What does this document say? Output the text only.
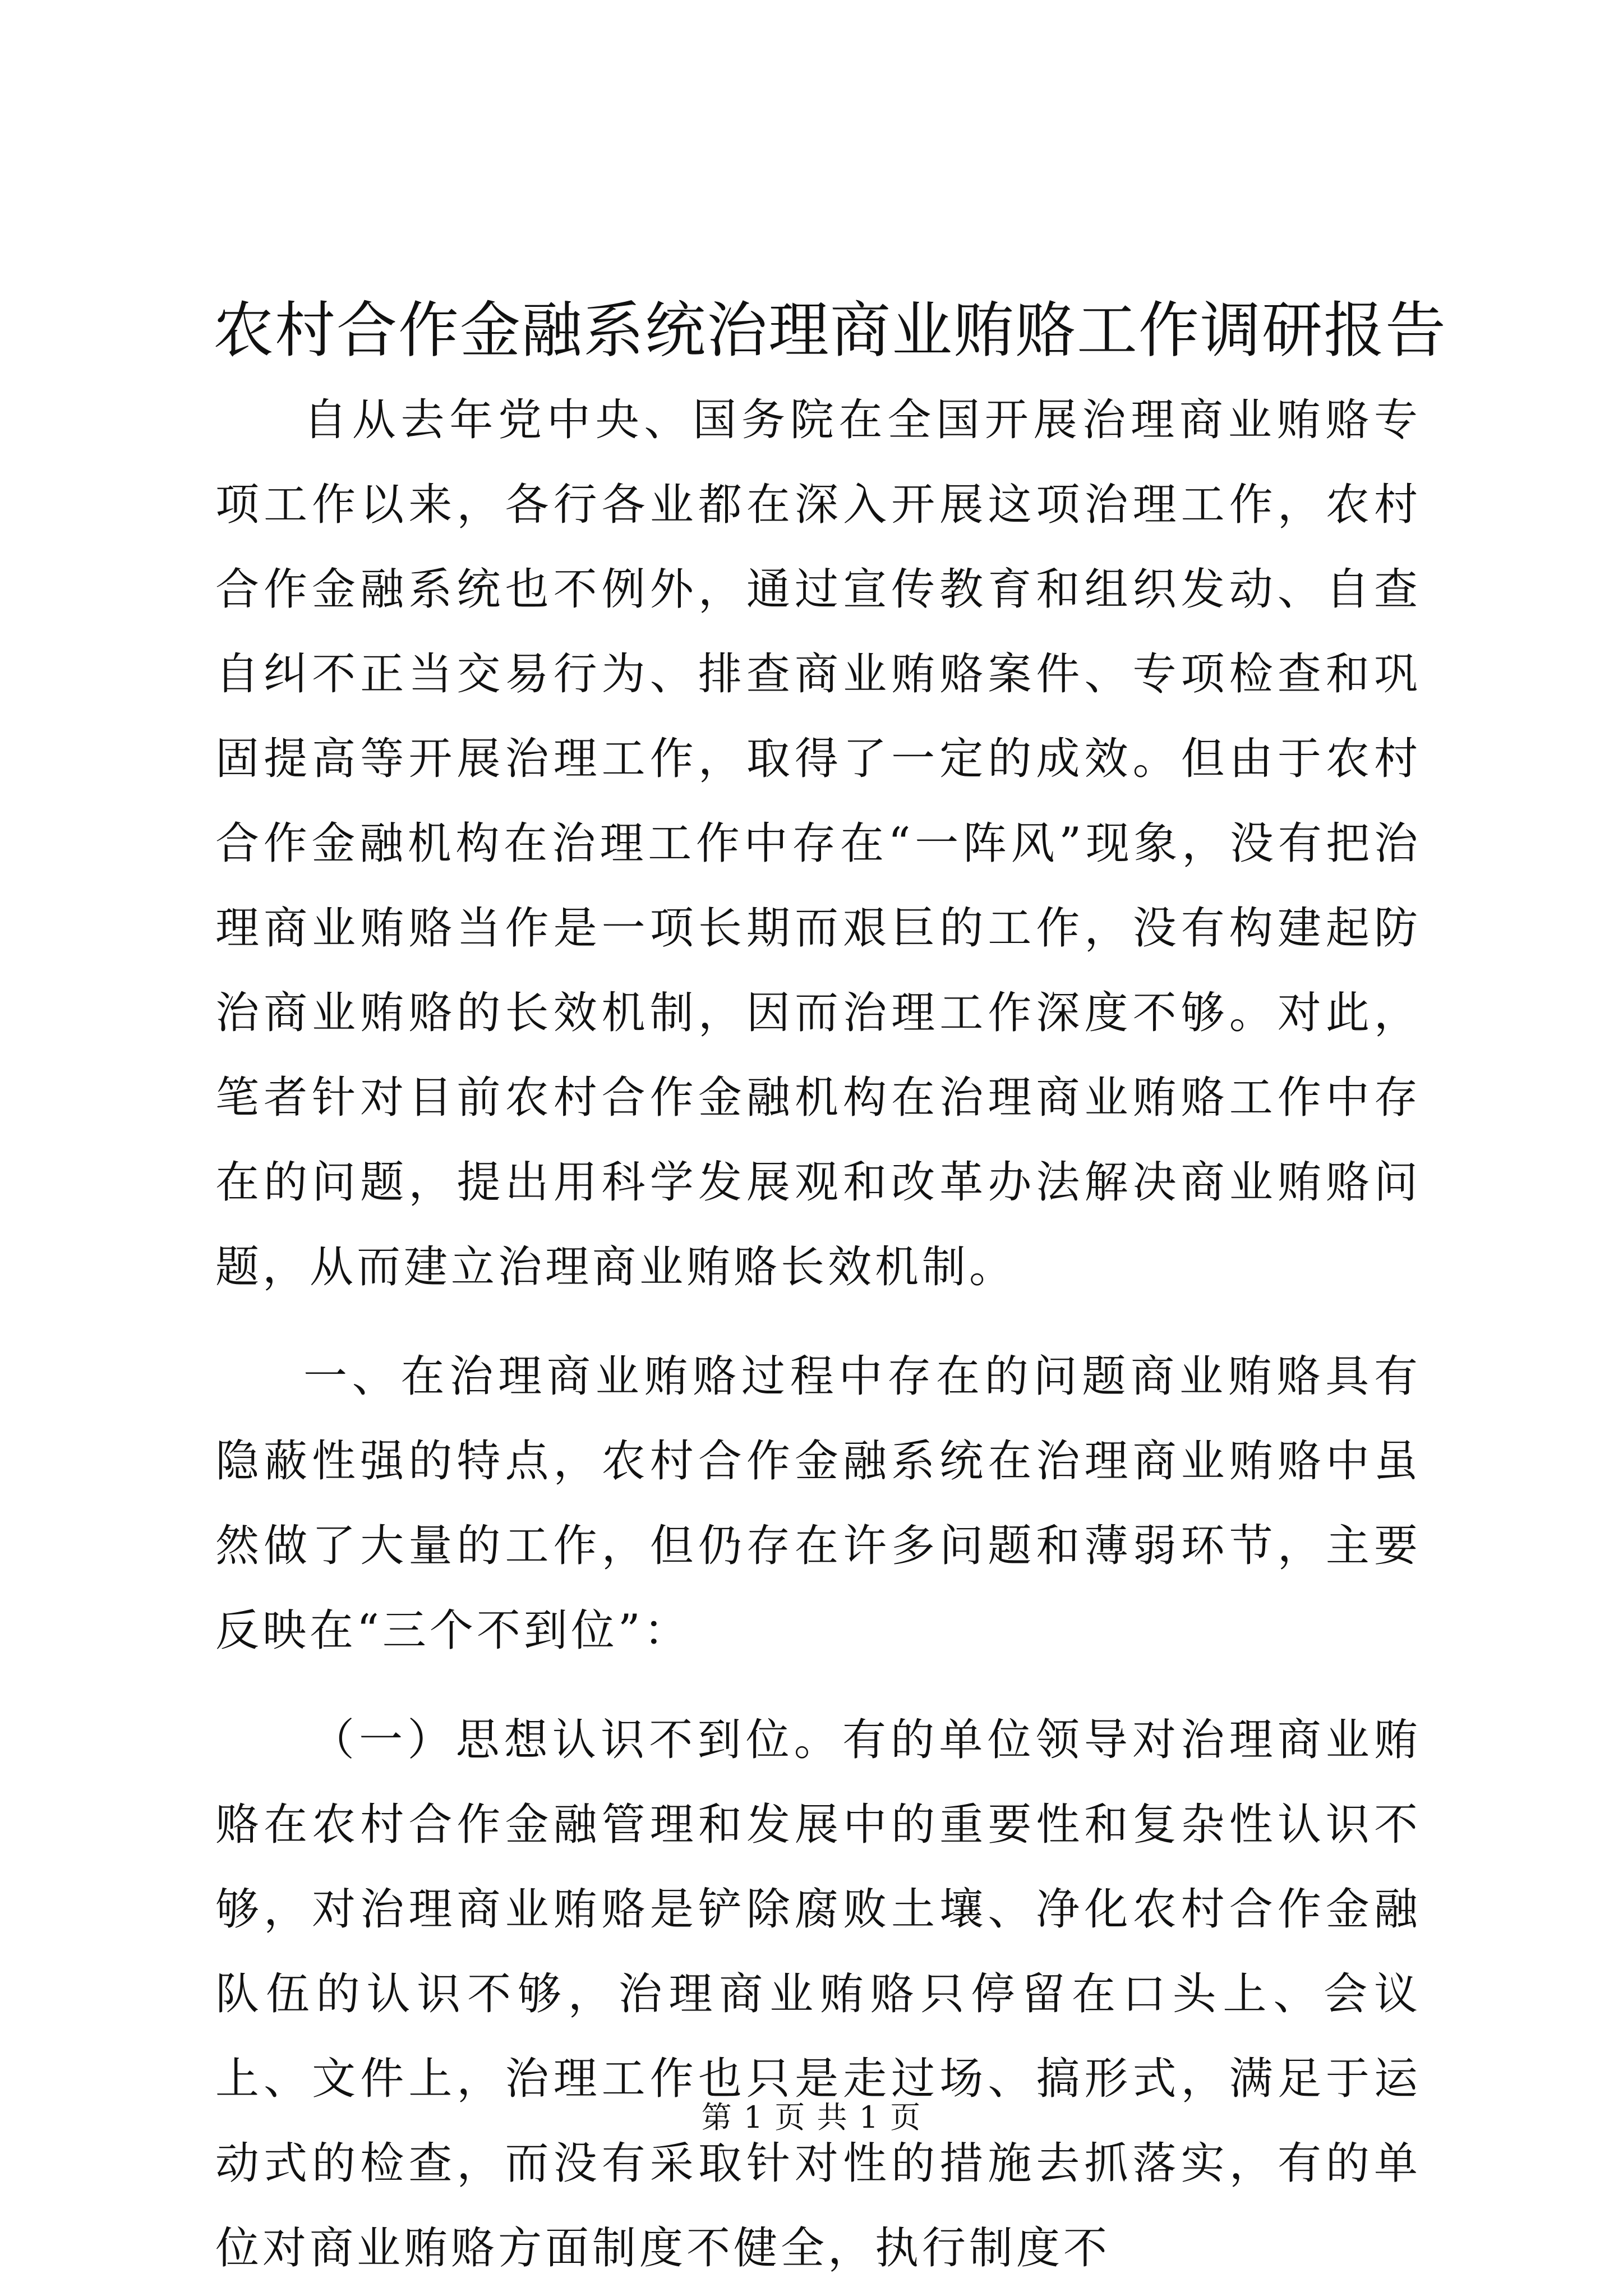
农村合作金融系统治理商业贿赂工作调研报告

自从去年党中央、国务院在全国开展治理商业贿赂专项工作以来，各行各业都在深入开展这项治理工作，农村合作金融系统也不例外，通过宣传教育和组织发动、自查自纠不正当交易行为、排查商业贿赂案件、专项检查和巩固提高等开展治理工作，取得了一定的成效。但由于农村合作金融机构在治理工作中存在“一阵风”现象，没有把治理商业贿赂当作是一项长期而艰巨的工作，没有构建起防治商业贿赂的长效机制，因而治理工作深度不够。对此，笔者针对目前农村合作金融机构在治理商业贿赂工作中存在的问题，提出用科学发展观和改革办法解决商业贿赂问题，从而建立治理商业贿赂长效机制。

一、在治理商业贿赂过程中存在的问题商业贿赂具有隐蔽性强的特点，农村合作金融系统在治理商业贿赂中虽然做了大量的工作，但仍存在许多问题和薄弱环节，主要反映在“三个不到位”：

（一）思想认识不到位。有的单位领导对治理商业贿赂在农村合作金融管理和发展中的重要性和复杂性认识不够，对治理商业贿赂是铲除腐败土壤、净化农村合作金融队伍的认识不够，治理商业贿赂只停留在口头上、会议上、文件上，治理工作也只是走过场、搞形式，满足于运动式的检查，而没有采取针对性的措施去抓落实，有的单位对商业贿赂方面制度不健全，执行制度不

第 1 页 共 1 页
